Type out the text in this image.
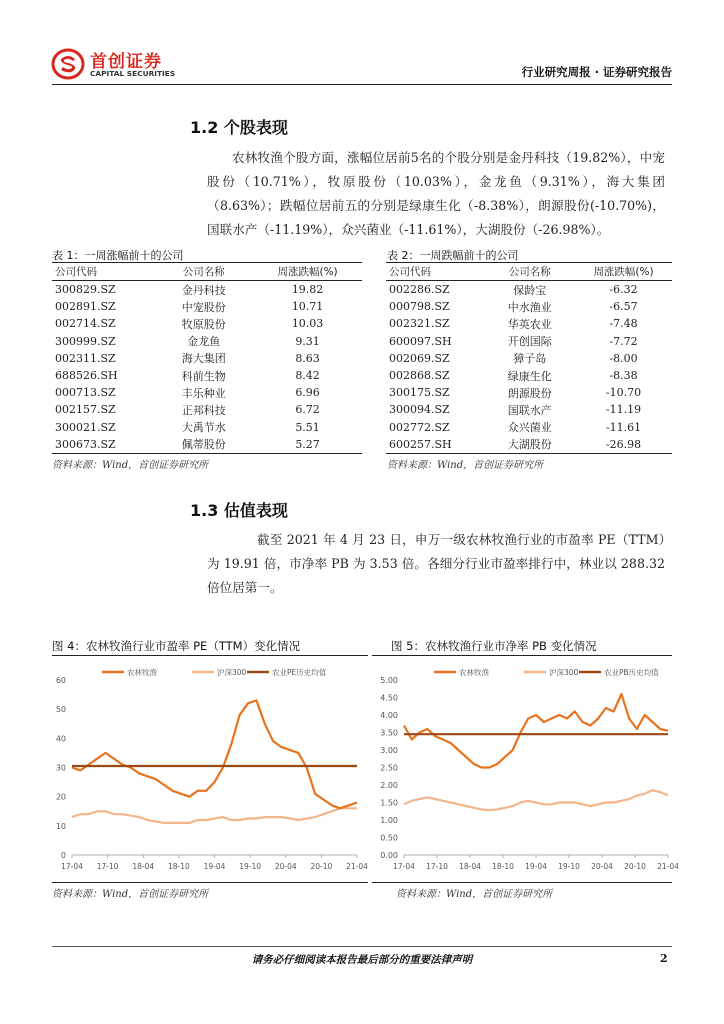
首创证券
CAPITAL SECURITIES	行业研究周报 · 证券研究报告
1.2 个股表现
农林牧渔个股方面，涨幅位居前5名的个股分别是金丹科技（19.82%），中宠股份（10.71%），牧原股份（10.03%），金龙鱼（9.31%），海大集团（8.63%）；跌幅位居前五的分别是绿康生化（-8.38%），朗源股份(-10.70%)，国联水产（-11.19%），众兴菌业（-11.61%），大湖股份（-26.98%）。
表 1：一周涨幅前十的公司
公司代码	公司名称	周涨跌幅(%)
300829.SZ	金丹科技	19.82
002891.SZ	中宠股份	10.71
002714.SZ	牧原股份	10.03
300999.SZ	金龙鱼	9.31
002311.SZ	海大集团	8.63
688526.SH	科前生物	8.42
000713.SZ	丰乐种业	6.96
002157.SZ	正邦科技	6.72
300021.SZ	大禹节水	5.51
300673.SZ	佩蒂股份	5.27
资料来源：Wind，首创证券研究所
表 2：一周跌幅前十的公司
公司代码	公司名称	周涨跌幅(%)
002286.SZ	保龄宝	-6.32
000798.SZ	中水渔业	-6.57
002321.SZ	华英农业	-7.48
600097.SH	开创国际	-7.72
002069.SZ	獐子岛	-8.00
002868.SZ	绿康生化	-8.38
300175.SZ	朗源股份	-10.70
300094.SZ	国联水产	-11.19
002772.SZ	众兴菌业	-11.61
600257.SH	大湖股份	-26.98
资料来源：Wind，首创证券研究所
1.3 估值表现
截至 2021 年 4 月 23 日，申万一级农林牧渔行业的市盈率 PE（TTM）为 19.91 倍，市净率 PB 为 3.53 倍。各细分行业市盈率排行中，林业以 288.32 倍位居第一。
图 4：农林牧渔行业市盈率 PE（TTM）变化情况
0
10
20
30
40
50
60
17-04 17-10 18-04 18-10 19-04 19-10 20-04 20-10 21-04
农林牧渔	沪深300	农业PE历史均值
资料来源：Wind，首创证券研究所
图 5：农林牧渔行业市净率 PB 变化情况
0.00
0.50
1.00
1.50
2.00
2.50
3.00
3.50
4.00
4.50
5.00
17-04 17-10 18-04 18-10 19-04 19-10 20-04 20-10 21-04
农林牧渔	沪深300	农业PB历史均值
资料来源：Wind，首创证券研究所
请务必仔细阅读本报告最后部分的重要法律声明	2
